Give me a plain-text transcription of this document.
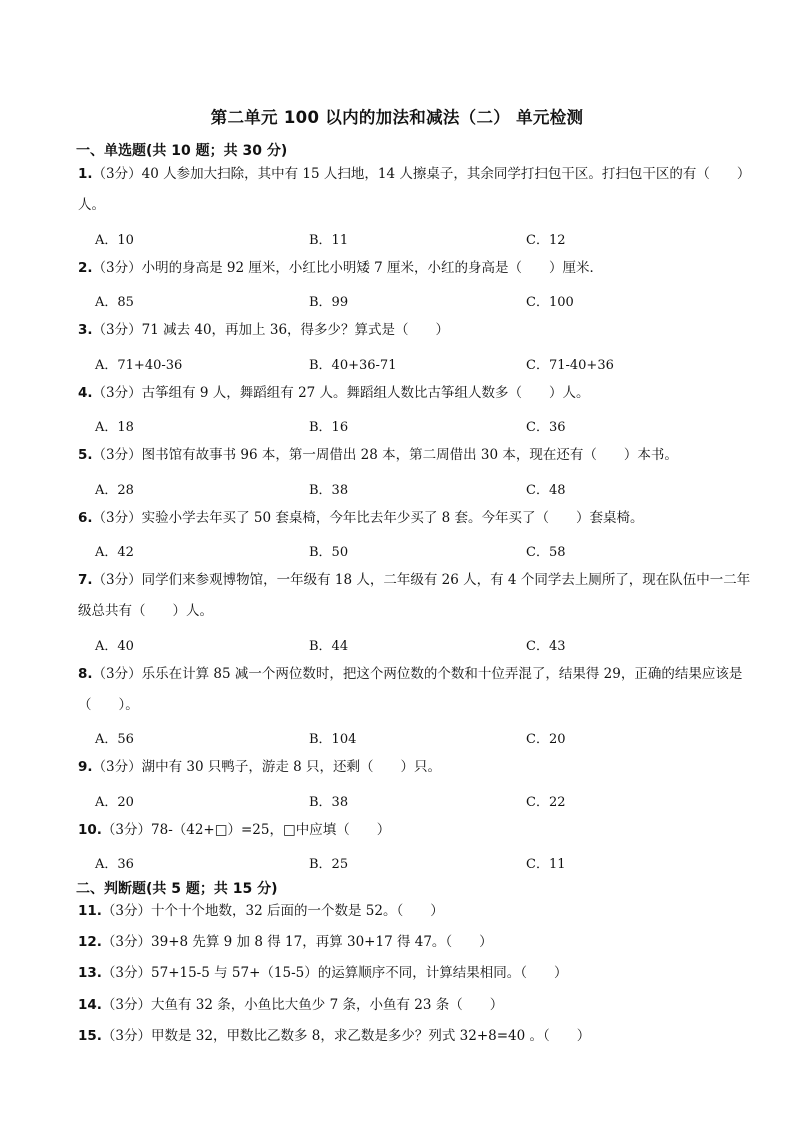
第二单元 100 以内的加法和减法（二） 单元检测
一、单选题(共 10 题；共 30 分)
1.（3分）40 人参加大扫除，其中有 15 人扫地，14 人擦桌子，其余同学打扫包干区。打扫包干区的有（　　）人。
A．10	B．11	C．12
2.（3分）小明的身高是 92 厘米，小红比小明矮 7 厘米，小红的身高是（　　）厘米．
A．85	B．99	C．100
3.（3分）71 减去 40，再加上 36，得多少？算式是（　　）
A．71+40-36	B．40+36-71	C．71-40+36
4.（3分）古筝组有 9 人，舞蹈组有 27 人。舞蹈组人数比古筝组人数多（　　）人。
A．18	B．16	C．36
5.（3分）图书馆有故事书 96 本，第一周借出 28 本，第二周借出 30 本，现在还有（　　）本书。
A．28	B．38	C．48
6.（3分）实验小学去年买了 50 套桌椅，今年比去年少买了 8 套。今年买了（　　）套桌椅。
A．42	B．50	C．58
7.（3分）同学们来参观博物馆，一年级有 18 人，二年级有 26 人，有 4 个同学去上厕所了，现在队伍中一二年级总共有（　　）人。
A．40	B．44	C．43
8.（3分）乐乐在计算 85 减一个两位数时，把这个两位数的个数和十位弄混了，结果得 29，正确的结果应该是（　　）。
A．56	B．104	C．20
9.（3分）湖中有 30 只鸭子，游走 8 只，还剩（　　）只。
A．20	B．38	C．22
10.（3分）78-（42+□）=25，□中应填（　　）
A．36	B．25	C．11
二、判断题(共 5 题；共 15 分)
11.（3分）十个十个地数，32 后面的一个数是 52。（　　）
12.（3分）39+8 先算 9 加 8 得 17，再算 30+17 得 47。（　　）
13.（3分）57+15-5 与 57+（15-5）的运算顺序不同，计算结果相同。（　　）
14.（3分）大鱼有 32 条，小鱼比大鱼少 7 条，小鱼有 23 条（　　）
15.（3分）甲数是 32，甲数比乙数多 8，求乙数是多少？列式 32+8=40 。（　　）
